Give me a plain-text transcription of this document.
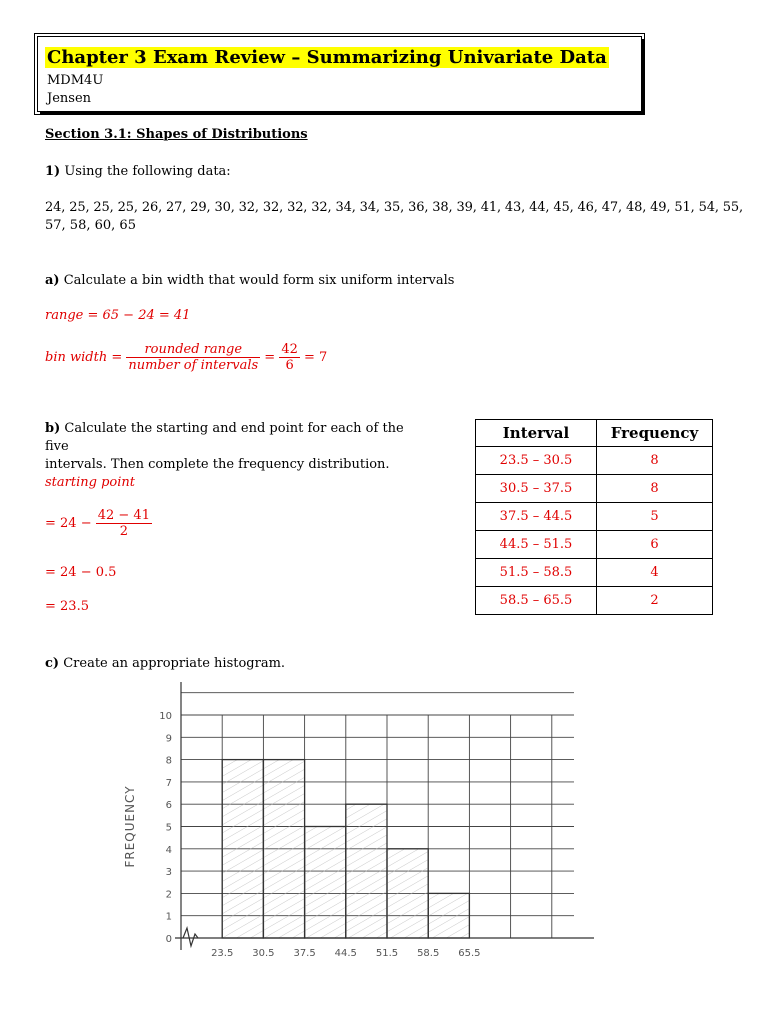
Chapter 3 Exam Review – Summarizing Univariate Data
MDM4U
Jensen
Section 3.1: Shapes of Distributions
1) Using the following data:
24, 25, 25, 25, 26, 27, 29, 30, 32, 32, 32, 32, 34, 34, 35, 36, 38, 39, 41, 43, 44, 45, 46, 47, 48, 49, 51, 54, 55,
57, 58, 60, 65
a) Calculate a bin width that would form six uniform intervals
range = 65 − 24 = 41
bin width = $\frac{\text{rounded range}}{\text{number of intervals}} = \frac{42}{6} = 7$
b) Calculate the starting and end point for each of the five
intervals. Then complete the frequency distribution.
starting point
= $24 - \frac{42 - 41}{2}$
= 24 − 0.5
= 23.5
Interval	Frequency
23.5 – 30.5	8
30.5 – 37.5	8
37.5 – 44.5	5
44.5 – 51.5	6
51.5 – 58.5	4
58.5 – 65.5	2
c) Create an appropriate histogram.
0
1
2
3
4
5
6
7
8
9
10
23.5 30.5 37.5 44.5 51.5 58.5 65.5
FREQUENCY
